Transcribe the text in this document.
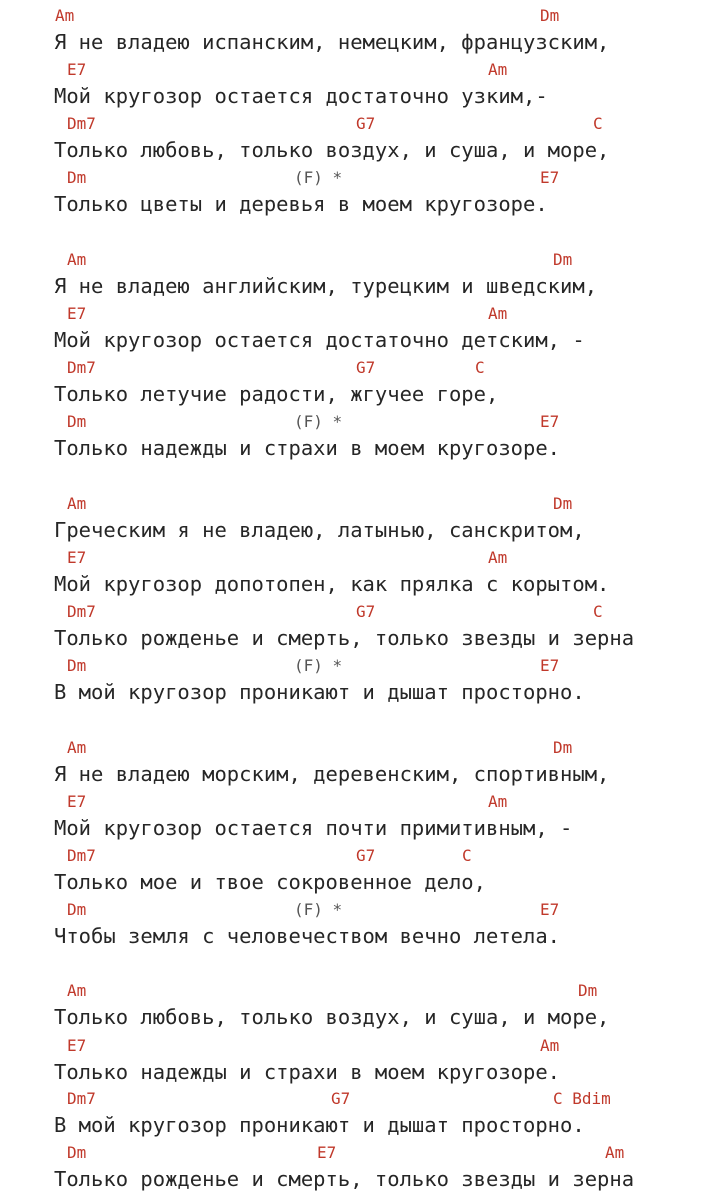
Am	Dm
Я не владею испанским, немецким, французским,
E7	Am
Мой кругозор остается достаточно узким,-
Dm7	G7	C
Только любовь, только воздух, и суша, и море,
Dm	(F) *	E7
Только цветы и деревья в моем кругозоре.
Am	Dm
Я не владею английским, турецким и шведским,
E7	Am
Мой кругозор остается достаточно детским, -
Dm7	G7	C
Только летучие радости, жгучее горе,
Dm	(F) *	E7
Только надежды и страхи в моем кругозоре.
Am	Dm
Греческим я не владею, латынью, санскритом,
E7	Am
Мой кругозор допотопен, как прялка с корытом.
Dm7	G7	C
Только рожденье и смерть, только звезды и зерна
Dm	(F) *	E7
В мой кругозор проникают и дышат просторно.
Am	Dm
Я не владею морским, деревенским, спортивным,
E7	Am
Мой кругозор остается почти примитивным, -
Dm7	G7	C
Только мое и твое сокровенное дело,
Dm	(F) *	E7
Чтобы земля с человечеством вечно летела.
Am	Dm
Только любовь, только воздух, и суша, и море,
E7	Am
Только надежды и страхи в моем кругозоре.
Dm7	G7	C Bdim
В мой кругозор проникают и дышат просторно.
Dm	E7	Am
Только рожденье и смерть, только звезды и зерна
